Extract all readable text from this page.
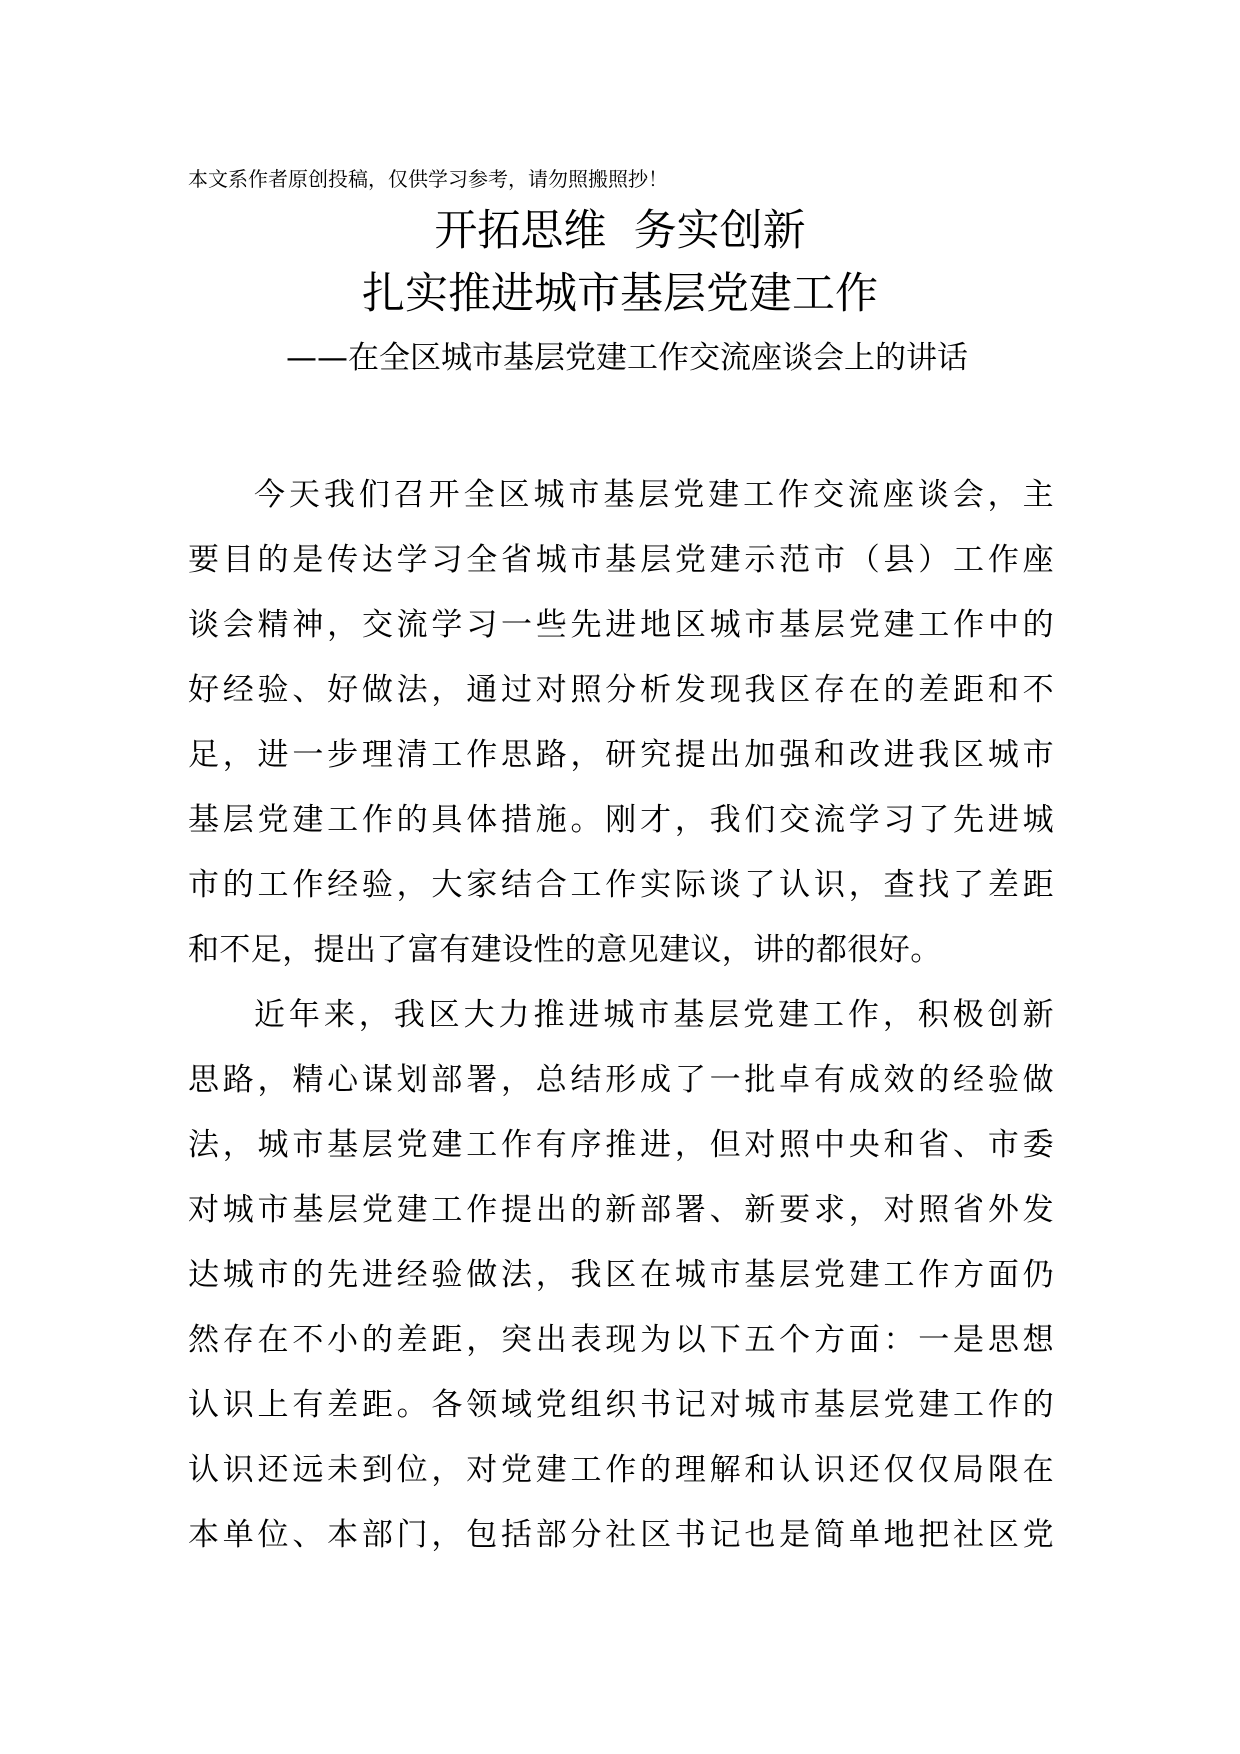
本文系作者原创投稿，仅供学习参考，请勿照搬照抄！
开拓思维  务实创新
扎实推进城市基层党建工作
——在全区城市基层党建工作交流座谈会上的讲话
今天我们召开全区城市基层党建工作交流座谈会，主
要目的是传达学习全省城市基层党建示范市（县）工作座
谈会精神，交流学习一些先进地区城市基层党建工作中的
好经验、好做法，通过对照分析发现我区存在的差距和不
足，进一步理清工作思路，研究提出加强和改进我区城市
基层党建工作的具体措施。刚才，我们交流学习了先进城
市的工作经验，大家结合工作实际谈了认识，查找了差距
和不足，提出了富有建设性的意见建议，讲的都很好。
近年来，我区大力推进城市基层党建工作，积极创新
思路，精心谋划部署，总结形成了一批卓有成效的经验做
法，城市基层党建工作有序推进，但对照中央和省、市委
对城市基层党建工作提出的新部署、新要求，对照省外发
达城市的先进经验做法，我区在城市基层党建工作方面仍
然存在不小的差距，突出表现为以下五个方面：一是思想
认识上有差距。各领域党组织书记对城市基层党建工作的
认识还远未到位，对党建工作的理解和认识还仅仅局限在
本单位、本部门，包括部分社区书记也是简单地把社区党
